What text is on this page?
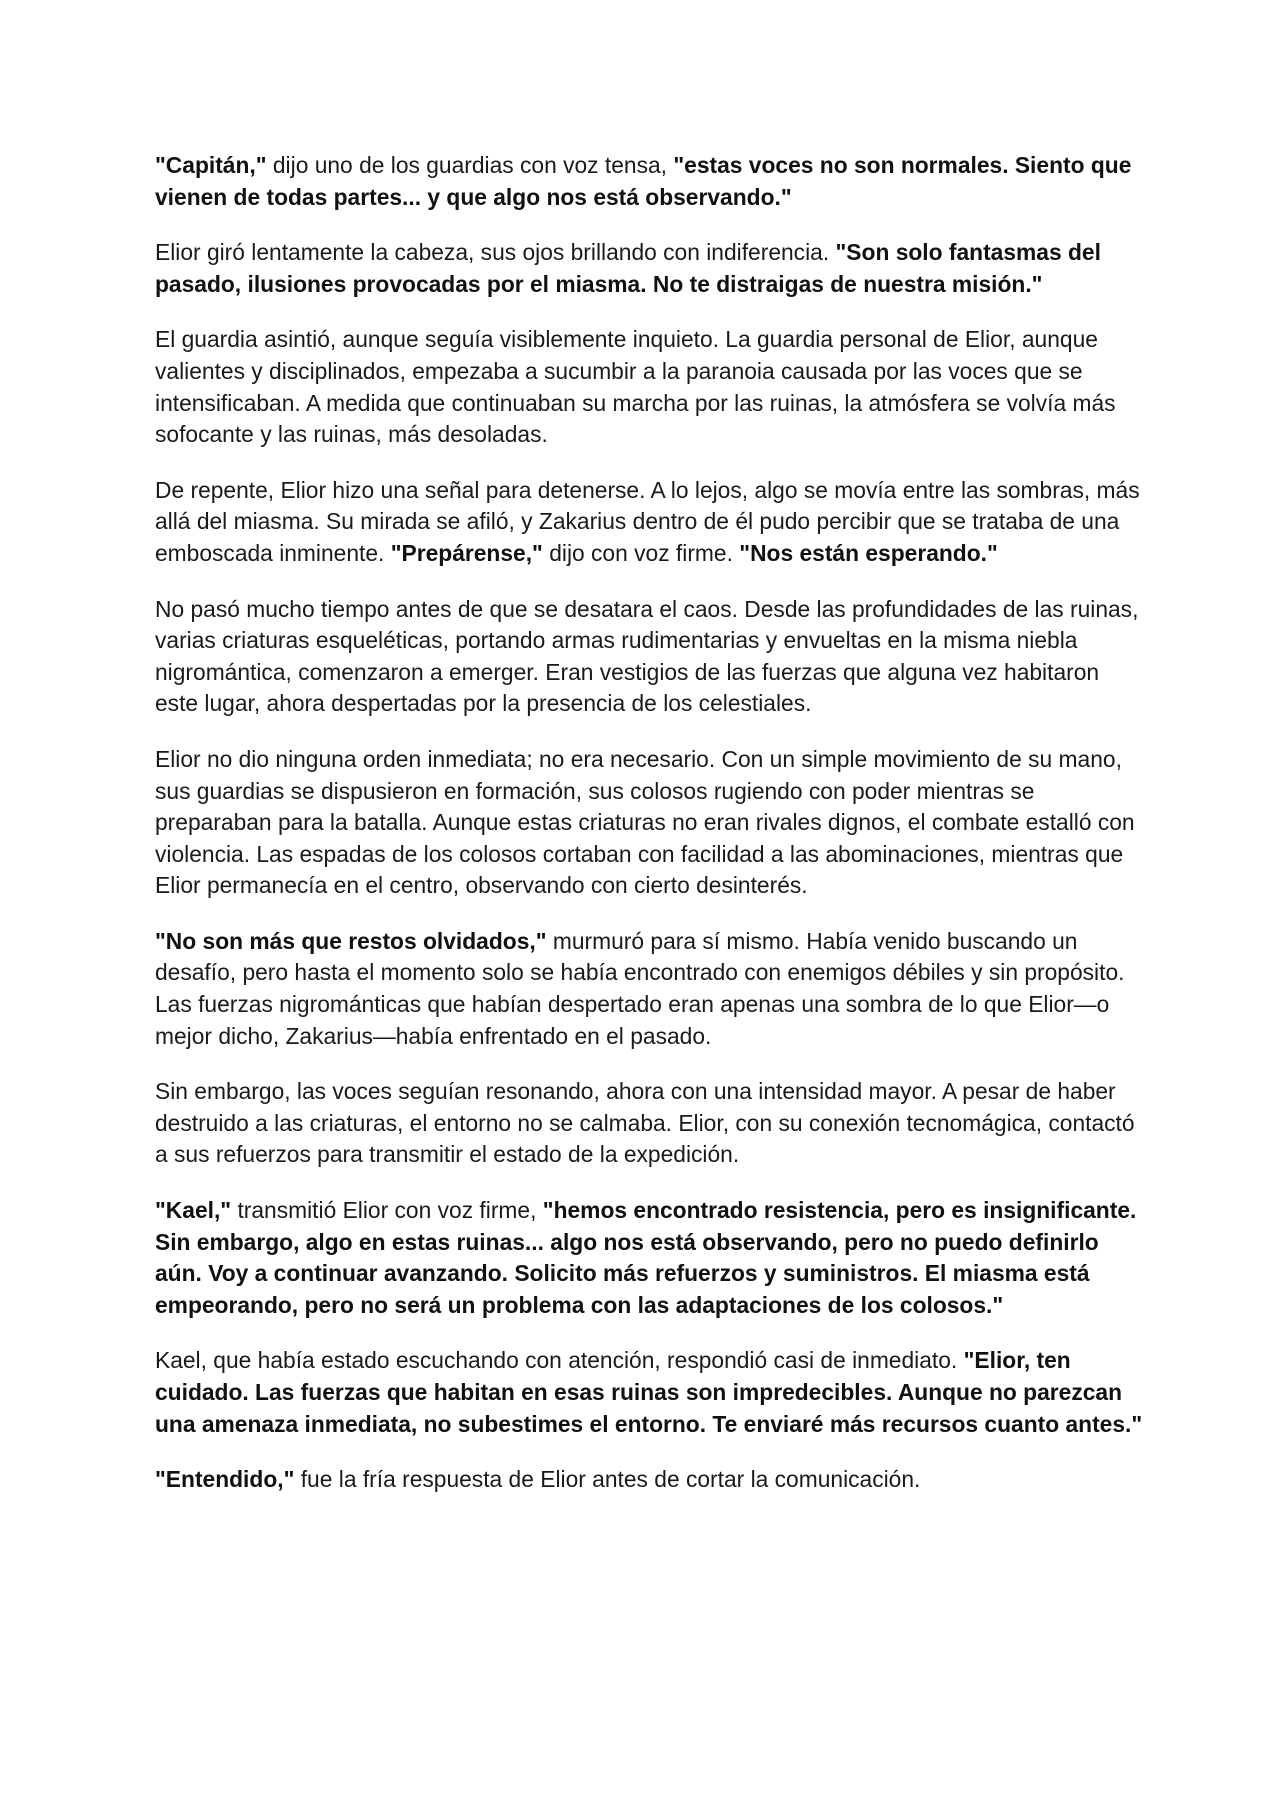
"Capitán," dijo uno de los guardias con voz tensa, "estas voces no son normales. Siento que vienen de todas partes... y que algo nos está observando."

Elior giró lentamente la cabeza, sus ojos brillando con indiferencia. "Son solo fantasmas del pasado, ilusiones provocadas por el miasma. No te distraigas de nuestra misión."

El guardia asintió, aunque seguía visiblemente inquieto. La guardia personal de Elior, aunque valientes y disciplinados, empezaba a sucumbir a la paranoia causada por las voces que se intensificaban. A medida que continuaban su marcha por las ruinas, la atmósfera se volvía más sofocante y las ruinas, más desoladas.

De repente, Elior hizo una señal para detenerse. A lo lejos, algo se movía entre las sombras, más allá del miasma. Su mirada se afiló, y Zakarius dentro de él pudo percibir que se trataba de una emboscada inminente. "Prepárense," dijo con voz firme. "Nos están esperando."

No pasó mucho tiempo antes de que se desatara el caos. Desde las profundidades de las ruinas, varias criaturas esqueléticas, portando armas rudimentarias y envueltas en la misma niebla nigromántica, comenzaron a emerger. Eran vestigios de las fuerzas que alguna vez habitaron este lugar, ahora despertadas por la presencia de los celestiales.

Elior no dio ninguna orden inmediata; no era necesario. Con un simple movimiento de su mano, sus guardias se dispusieron en formación, sus colosos rugiendo con poder mientras se preparaban para la batalla. Aunque estas criaturas no eran rivales dignos, el combate estalló con violencia. Las espadas de los colosos cortaban con facilidad a las abominaciones, mientras que Elior permanecía en el centro, observando con cierto desinterés.

"No son más que restos olvidados," murmuró para sí mismo. Había venido buscando un desafío, pero hasta el momento solo se había encontrado con enemigos débiles y sin propósito. Las fuerzas nigrománticas que habían despertado eran apenas una sombra de lo que Elior—o mejor dicho, Zakarius—había enfrentado en el pasado.

Sin embargo, las voces seguían resonando, ahora con una intensidad mayor. A pesar de haber destruido a las criaturas, el entorno no se calmaba. Elior, con su conexión tecnomágica, contactó a sus refuerzos para transmitir el estado de la expedición.

"Kael," transmitió Elior con voz firme, "hemos encontrado resistencia, pero es insignificante. Sin embargo, algo en estas ruinas... algo nos está observando, pero no puedo definirlo aún. Voy a continuar avanzando. Solicito más refuerzos y suministros. El miasma está empeorando, pero no será un problema con las adaptaciones de los colosos."

Kael, que había estado escuchando con atención, respondió casi de inmediato. "Elior, ten cuidado. Las fuerzas que habitan en esas ruinas son impredecibles. Aunque no parezcan una amenaza inmediata, no subestimes el entorno. Te enviaré más recursos cuanto antes."

"Entendido," fue la fría respuesta de Elior antes de cortar la comunicación.
